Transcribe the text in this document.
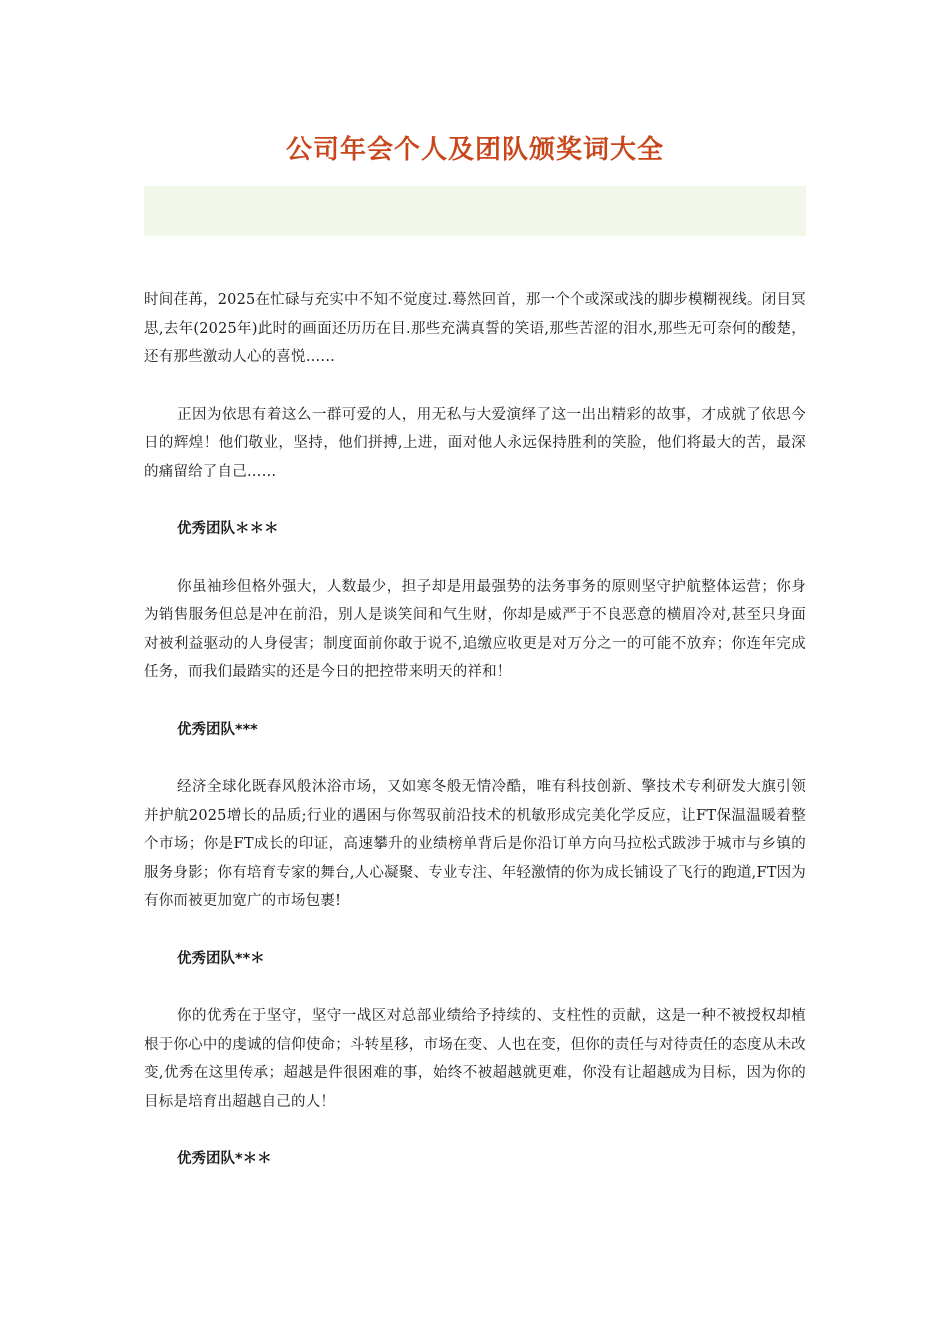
公司年会个人及团队颁奖词大全

时间荏苒，2025在忙碌与充实中不知不觉度过.蓦然回首，那一个个或深或浅的脚步模糊视线。闭目冥思,去年(2025年)此时的画面还历历在目.那些充满真誓的笑语,那些苦涩的泪水,那些无可奈何的酸楚，还有那些激动人心的喜悦……

正因为依思有着这么一群可爱的人，用无私与大爱演绎了这一出出精彩的故事，才成就了依思今日的辉煌！他们敬业，坚持，他们拼搏,上进，面对他人永远保持胜利的笑脸，他们将最大的苦，最深的痛留给了自己……

优秀团队＊＊＊

你虽袖珍但格外强大，人数最少，担子却是用最强势的法务事务的原则坚守护航整体运营；你身为销售服务但总是冲在前沿，别人是谈笑间和气生财，你却是威严于不良恶意的横眉冷对,甚至只身面对被利益驱动的人身侵害；制度面前你敢于说不,追缴应收更是对万分之一的可能不放弃；你连年完成任务，而我们最踏实的还是今日的把控带来明天的祥和！

优秀团队***

经济全球化既春风般沐浴市场，又如寒冬般无情冷酷，唯有科技创新、擎技术专利研发大旗引领并护航2025增长的品质;行业的遇困与你驾驭前沿技术的机敏形成完美化学反应，让FT保温温暖着整个市场；你是FT成长的印证，高速攀升的业绩榜单背后是你沿订单方向马拉松式跋涉于城市与乡镇的服务身影；你有培育专家的舞台,人心凝聚、专业专注、年轻激情的你为成长铺设了飞行的跑道,FT因为有你而被更加宽广的市场包裹!

优秀团队**＊

你的优秀在于坚守，坚守一战区对总部业绩给予持续的、支柱性的贡献，这是一种不被授权却植根于你心中的虔诚的信仰使命；斗转星移，市场在变、人也在变，但你的责任与对待责任的态度从未改变,优秀在这里传承；超越是件很困难的事，始终不被超越就更难，你没有让超越成为目标，因为你的目标是培育出超越自己的人！

优秀团队*＊＊
